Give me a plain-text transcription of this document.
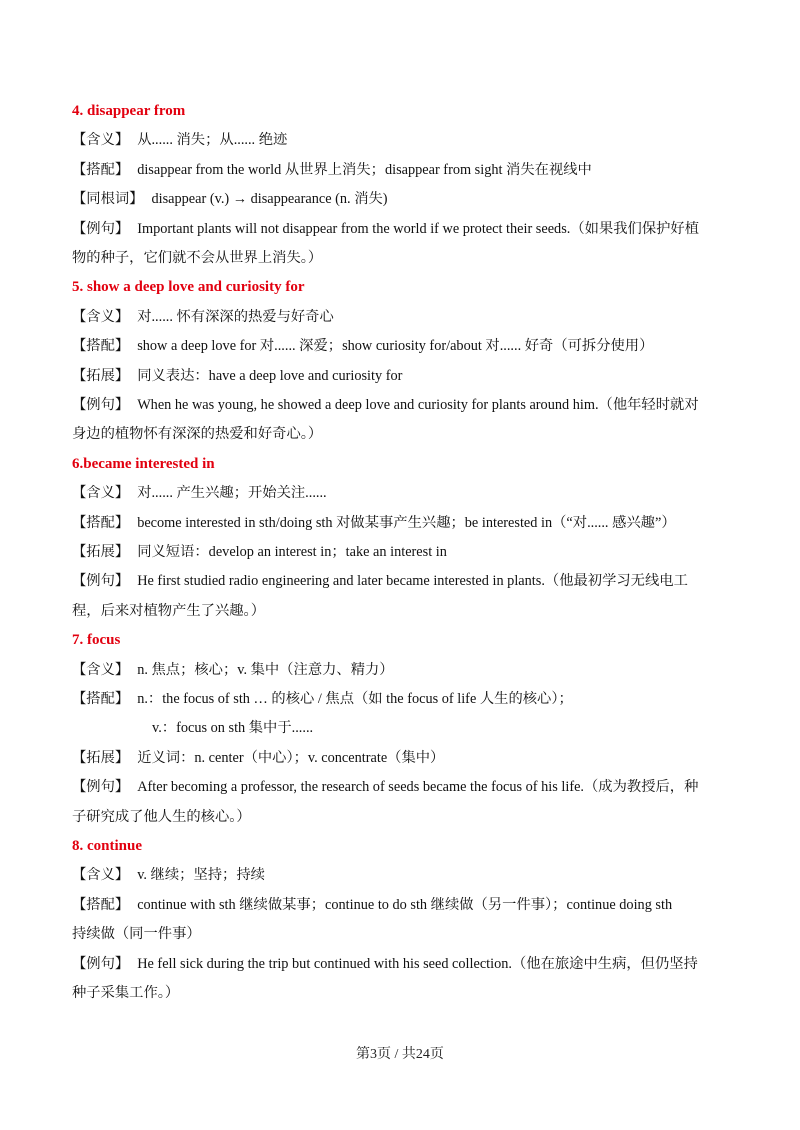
4. disappear from
【含义】 从...... 消失；从...... 绝迹
【搭配】 disappear from the world 从世界上消失；disappear from sight 消失在视线中
【同根词】 disappear (v.) → disappearance (n. 消失)
【例句】 Important plants will not disappear from the world if we protect their seeds.（如果我们保护好植
物的种子，它们就不会从世界上消失。）
5. show a deep love and curiosity for
【含义】 对...... 怀有深深的热爱与好奇心
【搭配】 show a deep love for 对...... 深爱；show curiosity for/about 对...... 好奇（可拆分使用）
【拓展】 同义表达：have a deep love and curiosity for
【例句】 When he was young, he showed a deep love and curiosity for plants around him.（他年轻时就对
身边的植物怀有深深的热爱和好奇心。）
6.became interested in
【含义】 对...... 产生兴趣；开始关注......
【搭配】 become interested in sth/doing sth 对做某事产生兴趣；be interested in（“对...... 感兴趣”）
【拓展】 同义短语：develop an interest in；take an interest in
【例句】 He first studied radio engineering and later became interested in plants.（他最初学习无线电工
程，后来对植物产生了兴趣。）
7. focus
【含义】 n. 焦点；核心；v. 集中（注意力、精力）
【搭配】 n.：the focus of sth … 的核心 / 焦点（如 the focus of life 人生的核心）；
v.：focus on sth 集中于......
【拓展】 近义词：n. center（中心）；v. concentrate（集中）
【例句】 After becoming a professor, the research of seeds became the focus of his life.（成为教授后，种
子研究成了他人生的核心。）
8. continue
【含义】 v. 继续；坚持；持续
【搭配】 continue with sth 继续做某事；continue to do sth 继续做（另一件事）；continue doing sth
持续做（同一件事）
【例句】 He fell sick during the trip but continued with his seed collection.（他在旅途中生病，但仍坚持
种子采集工作。）
第3页 / 共24页
